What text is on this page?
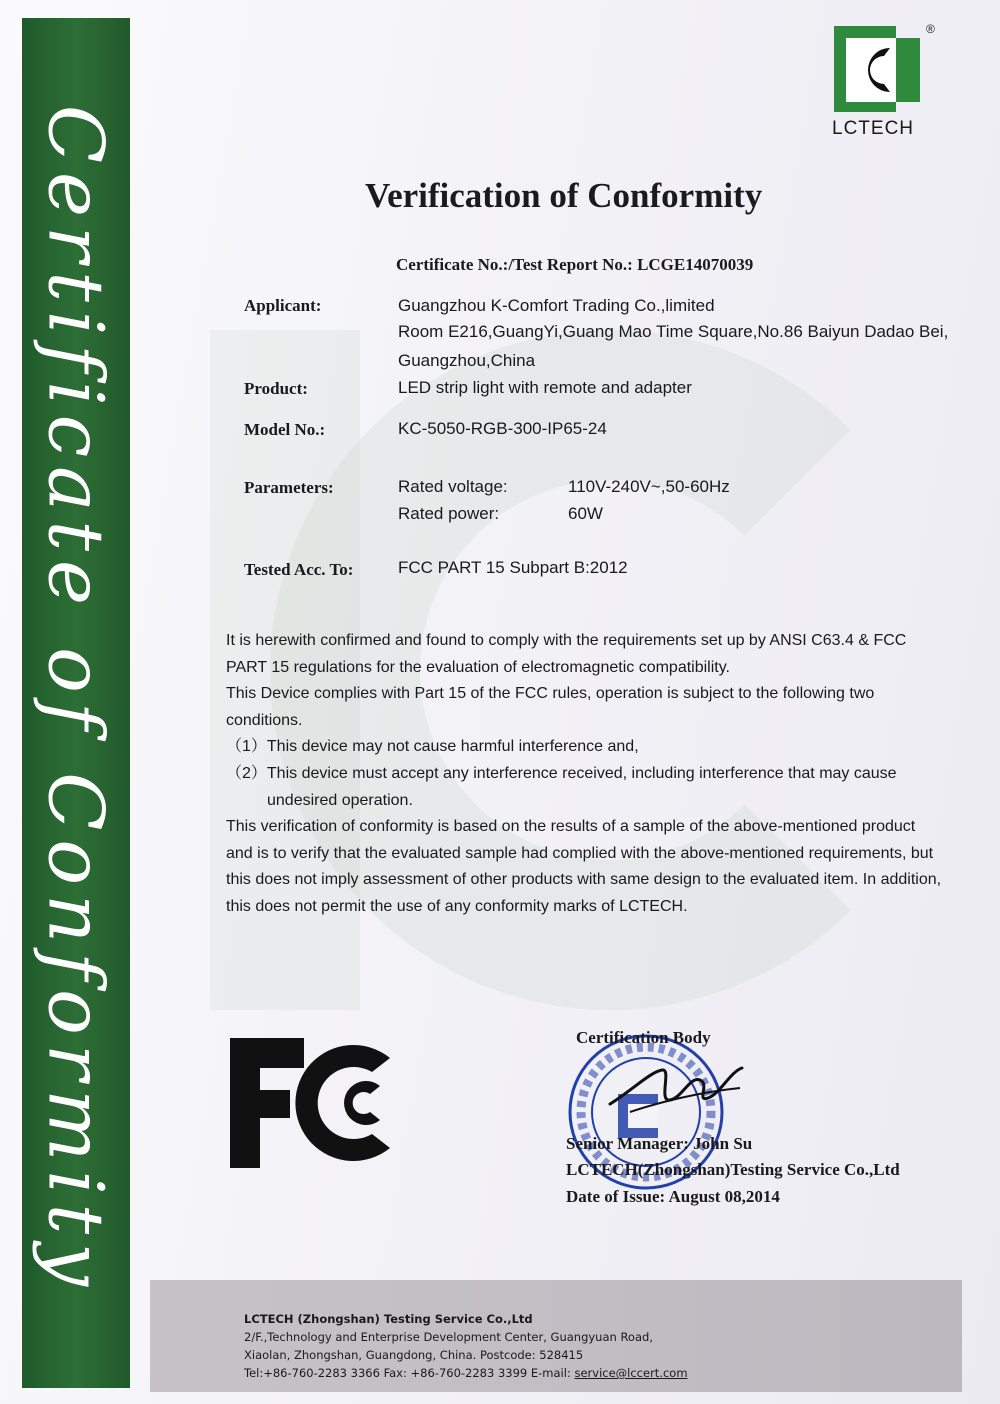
Certificate of Conformity
®
LCTECH
Verification of Conformity
Certificate No.:/Test Report No.: LCGE14070039
Applicant:	Guangzhou K-Comfort Trading Co.,limited
Room E216,GuangYi,Guang Mao Time Square,No.86 Baiyun Dadao Bei,
Guangzhou,China
Product:	LED strip light with remote and adapter
Model No.:	KC-5050-RGB-300-IP65-24
Parameters:	Rated voltage:	110V-240V~,50-60Hz
Rated power:	60W
Tested Acc. To:	FCC PART 15 Subpart B:2012

It is herewith confirmed and found to comply with the requirements set up by ANSI C63.4 & FCC PART 15 regulations for the evaluation of electromagnetic compatibility.

This Device complies with Part 15 of the FCC rules, operation is subject to the following two conditions.

（1）This device may not cause harmful interference and,

（2）This device must accept any interference received, including interference that may cause

undesired operation.

This verification of conformity is based on the results of a sample of the above-mentioned product and is to verify that the evaluated sample had complied with the above-mentioned requirements, but this does not imply assessment of other products with same design to the evaluated item. In addition, this does not permit the use of any conformity marks of LCTECH.

Certification Body
Senior Manager: John Su
LCTECH(Zhongshan)Testing Service Co.,Ltd
Date of Issue: August 08,2014
LCTECH (Zhongshan) Testing Service Co.,Ltd
2/F.,Technology and Enterprise Development Center, Guangyuan Road,
Xiaolan, Zhongshan, Guangdong, China. Postcode: 528415
Tel:+86-760-2283 3366 Fax: +86-760-2283 3399 E-mail: service@lccert.com
